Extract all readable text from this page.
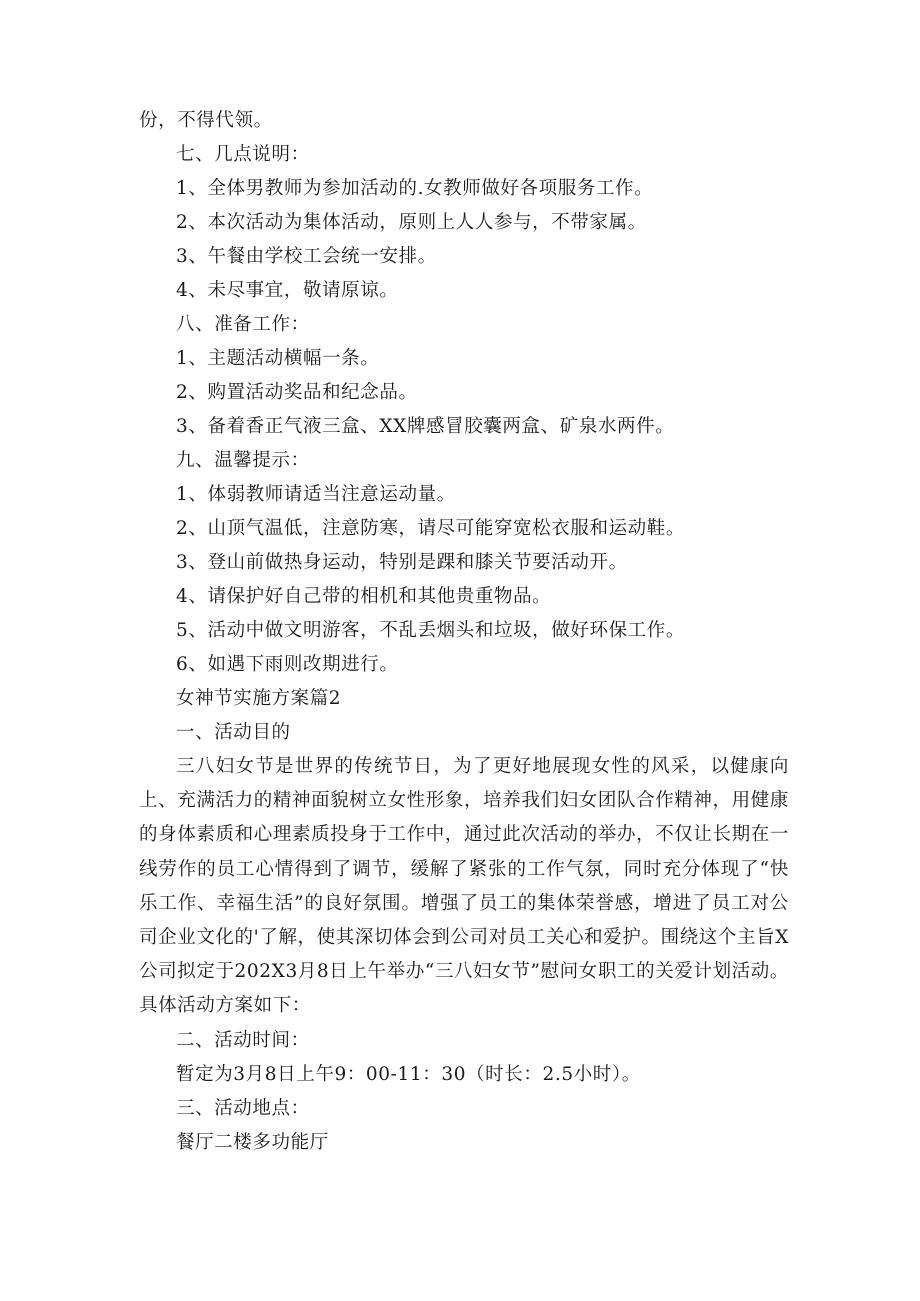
份，不得代领。
七、几点说明：
1、全体男教师为参加活动的.女教师做好各项服务工作。
2、本次活动为集体活动，原则上人人参与，不带家属。
3、午餐由学校工会统一安排。
4、未尽事宜，敬请原谅。
八、准备工作：
1、主题活动横幅一条。
2、购置活动奖品和纪念品。
3、备着香正气液三盒、XX牌感冒胶囊两盒、矿泉水两件。
九、温馨提示：
1、体弱教师请适当注意运动量。
2、山顶气温低，注意防寒，请尽可能穿宽松衣服和运动鞋。
3、登山前做热身运动，特别是踝和膝关节要活动开。
4、请保护好自己带的相机和其他贵重物品。
5、活动中做文明游客，不乱丢烟头和垃圾，做好环保工作。
6、如遇下雨则改期进行。
女神节实施方案篇2
一、活动目的
三八妇女节是世界的传统节日，为了更好地展现女性的风采，以健康向上、充满活力的精神面貌树立女性形象，培养我们妇女团队合作精神，用健康的身体素质和心理素质投身于工作中，通过此次活动的举办，不仅让长期在一线劳作的员工心情得到了调节，缓解了紧张的工作气氛，同时充分体现了“快乐工作、幸福生活”的良好氛围。增强了员工的集体荣誉感，增进了员工对公司企业文化的'了解，使其深切体会到公司对员工关心和爱护。围绕这个主旨X公司拟定于202X3月8日上午举办“三八妇女节”慰问女职工的关爱计划活动。具体活动方案如下：
二、活动时间：
暂定为3月8日上午9：00-11：30（时长：2.5小时）。
三、活动地点：
餐厅二楼多功能厅
